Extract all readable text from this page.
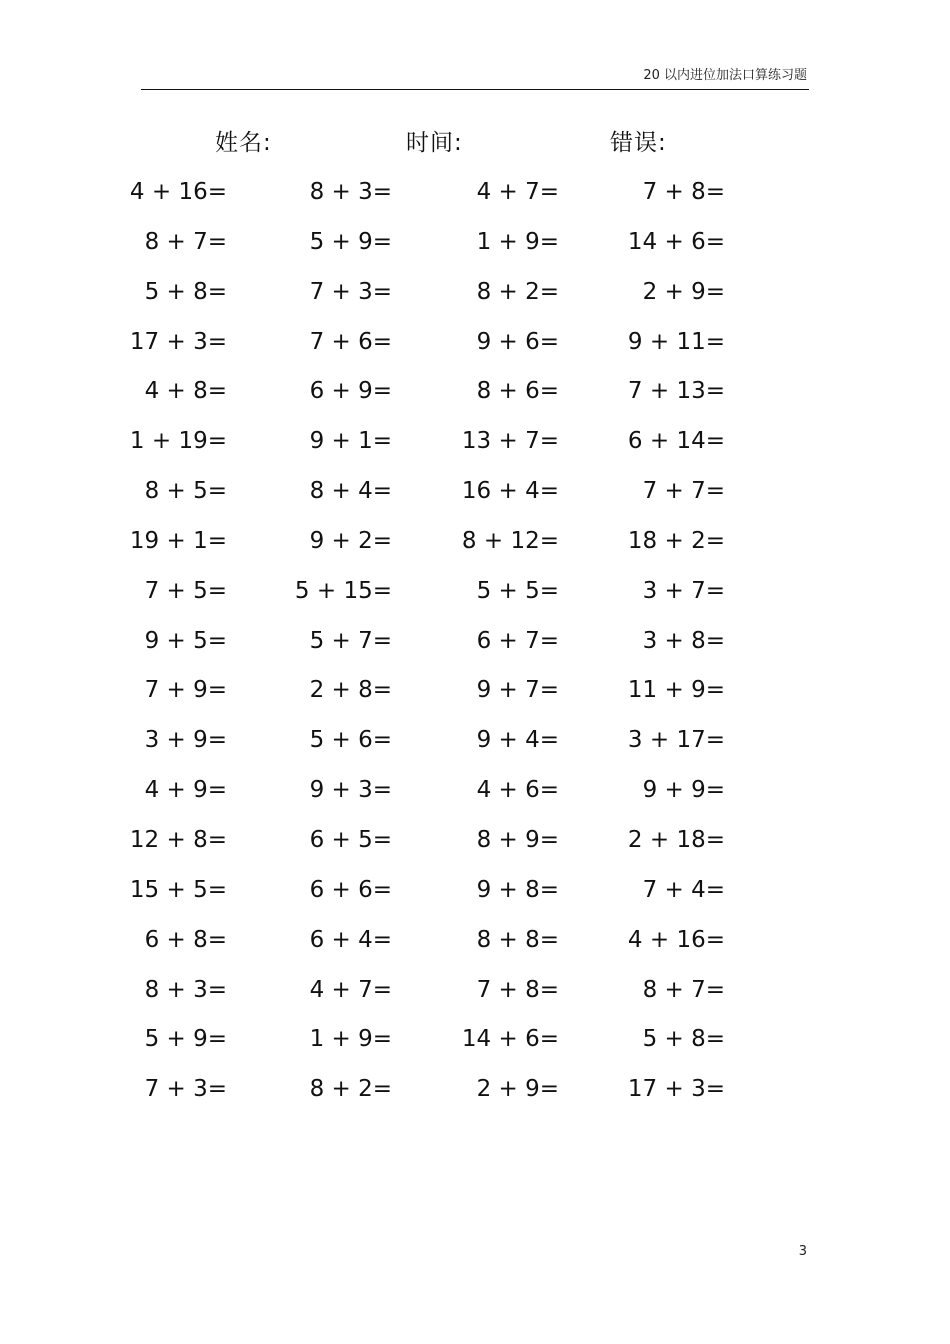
20 以内进位加法口算练习题
姓名:	时间:	错误:
4 + 16=	8 + 3=	4 + 7=	7 + 8=
8 + 7=	5 + 9=	1 + 9=	14 + 6=
5 + 8=	7 + 3=	8 + 2=	2 + 9=
17 + 3=	7 + 6=	9 + 6=	9 + 11=
4 + 8=	6 + 9=	8 + 6=	7 + 13=
1 + 19=	9 + 1=	13 + 7=	6 + 14=
8 + 5=	8 + 4=	16 + 4=	7 + 7=
19 + 1=	9 + 2=	8 + 12=	18 + 2=
7 + 5=	5 + 15=	5 + 5=	3 + 7=
9 + 5=	5 + 7=	6 + 7=	3 + 8=
7 + 9=	2 + 8=	9 + 7=	11 + 9=
3 + 9=	5 + 6=	9 + 4=	3 + 17=
4 + 9=	9 + 3=	4 + 6=	9 + 9=
12 + 8=	6 + 5=	8 + 9=	2 + 18=
15 + 5=	6 + 6=	9 + 8=	7 + 4=
6 + 8=	6 + 4=	8 + 8=	4 + 16=
8 + 3=	4 + 7=	7 + 8=	8 + 7=
5 + 9=	1 + 9=	14 + 6=	5 + 8=
7 + 3=	8 + 2=	2 + 9=	17 + 3=
3
